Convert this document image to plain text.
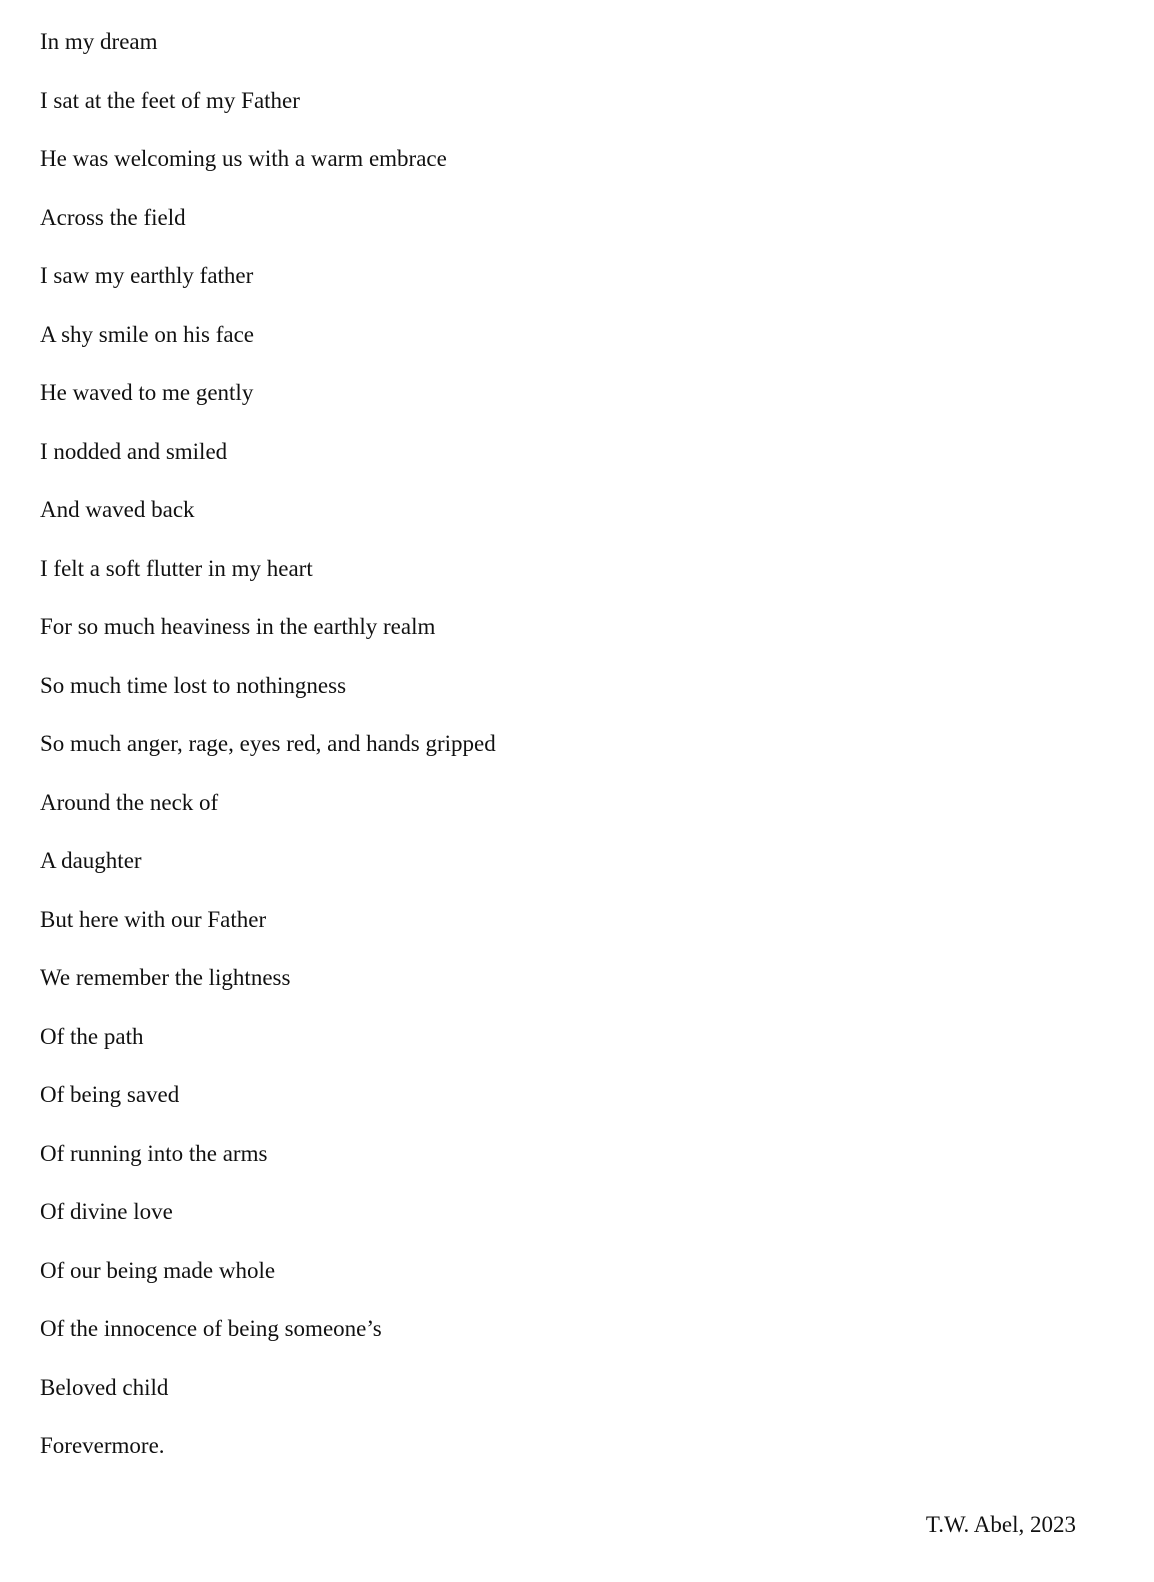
In my dream

I sat at the feet of my Father

He was welcoming us with a warm embrace

Across the field

I saw my earthly father

A shy smile on his face

He waved to me gently

I nodded and smiled

And waved back

I felt a soft flutter in my heart

For so much heaviness in the earthly realm

So much time lost to nothingness

So much anger, rage, eyes red, and hands gripped

Around the neck of

A daughter

But here with our Father

We remember the lightness

Of the path

Of being saved

Of running into the arms

Of divine love

Of our being made whole

Of the innocence of being someone’s

Beloved child

Forevermore.

T.W. Abel, 2023
